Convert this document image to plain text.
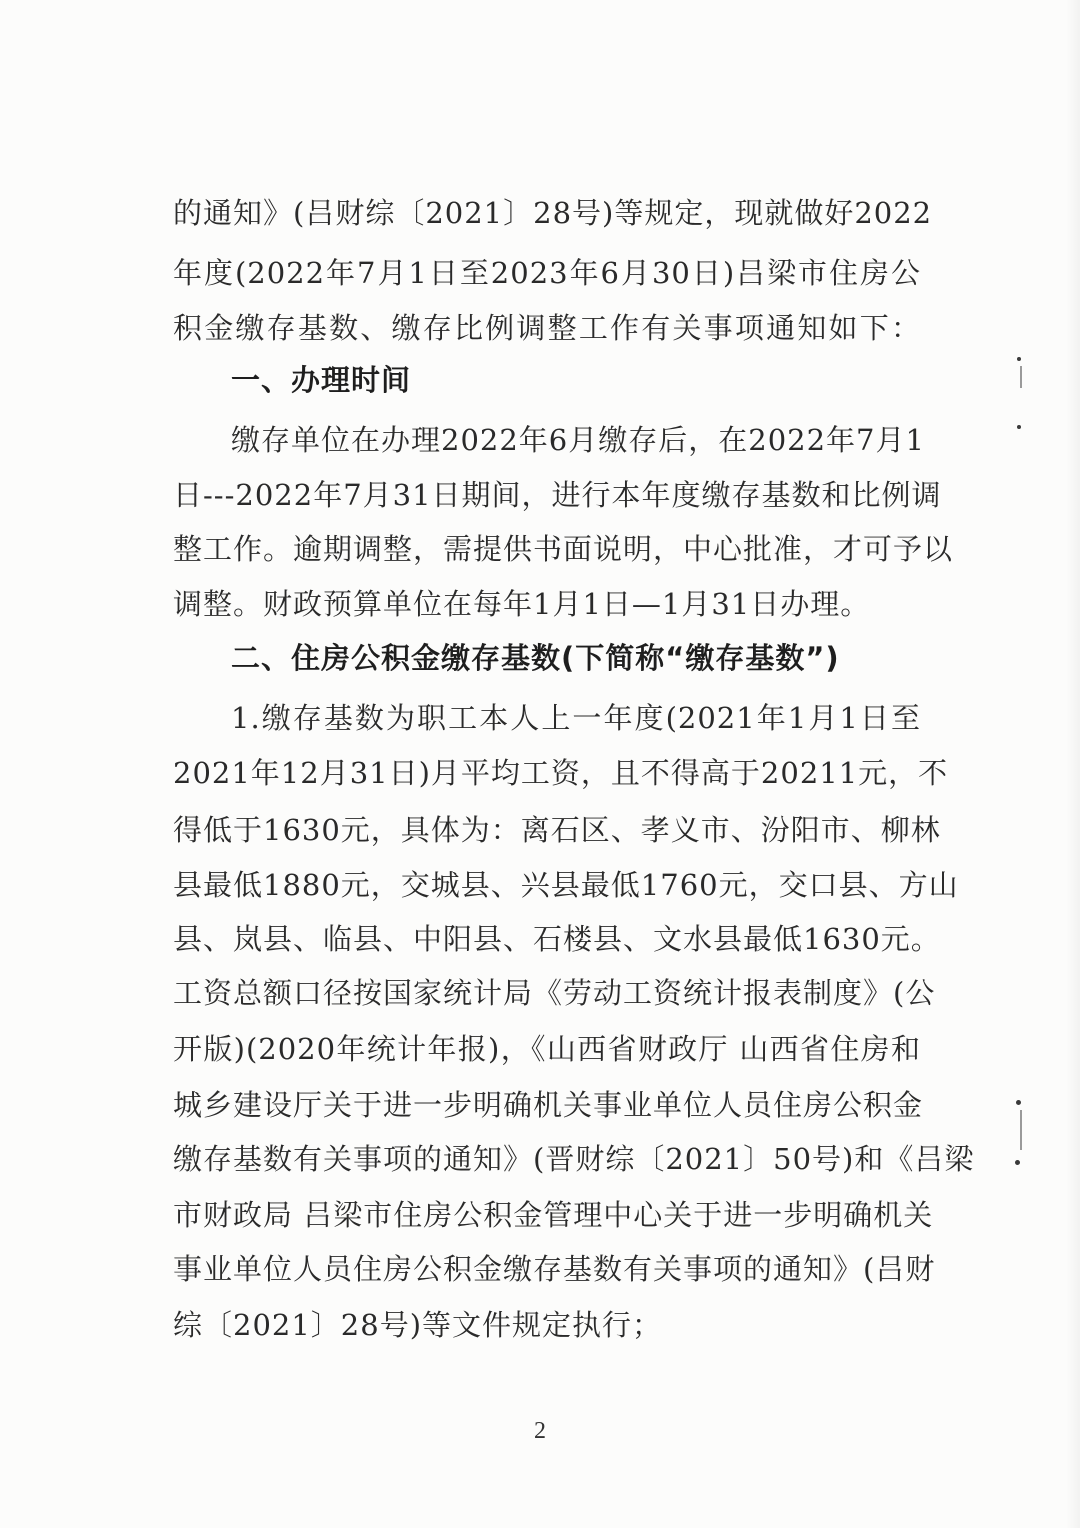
的通知》(吕财综〔2021〕28号)等规定，现就做好2022
年度(2022年7月1日至2023年6月30日)吕梁市住房公
积金缴存基数、缴存比例调整工作有关事项通知如下：
一、办理时间
缴存单位在办理2022年6月缴存后，在2022年7月1
日---2022年7月31日期间，进行本年度缴存基数和比例调
整工作。逾期调整，需提供书面说明，中心批准，才可予以
调整。财政预算单位在每年1月1日—1月31日办理。
二、住房公积金缴存基数(下简称“缴存基数”)
1.缴存基数为职工本人上一年度(2021年1月1日至
2021年12月31日)月平均工资，且不得高于20211元，不
得低于1630元，具体为：离石区、孝义市、汾阳市、柳林
县最低1880元，交城县、兴县最低1760元，交口县、方山
县、岚县、临县、中阳县、石楼县、文水县最低1630元。
工资总额口径按国家统计局《劳动工资统计报表制度》(公
开版)(2020年统计年报)，《山西省财政厅 山西省住房和
城乡建设厅关于进一步明确机关事业单位人员住房公积金
缴存基数有关事项的通知》(晋财综〔2021〕50号)和《吕梁
市财政局 吕梁市住房公积金管理中心关于进一步明确机关
事业单位人员住房公积金缴存基数有关事项的通知》(吕财
综〔2021〕28号)等文件规定执行；
2
